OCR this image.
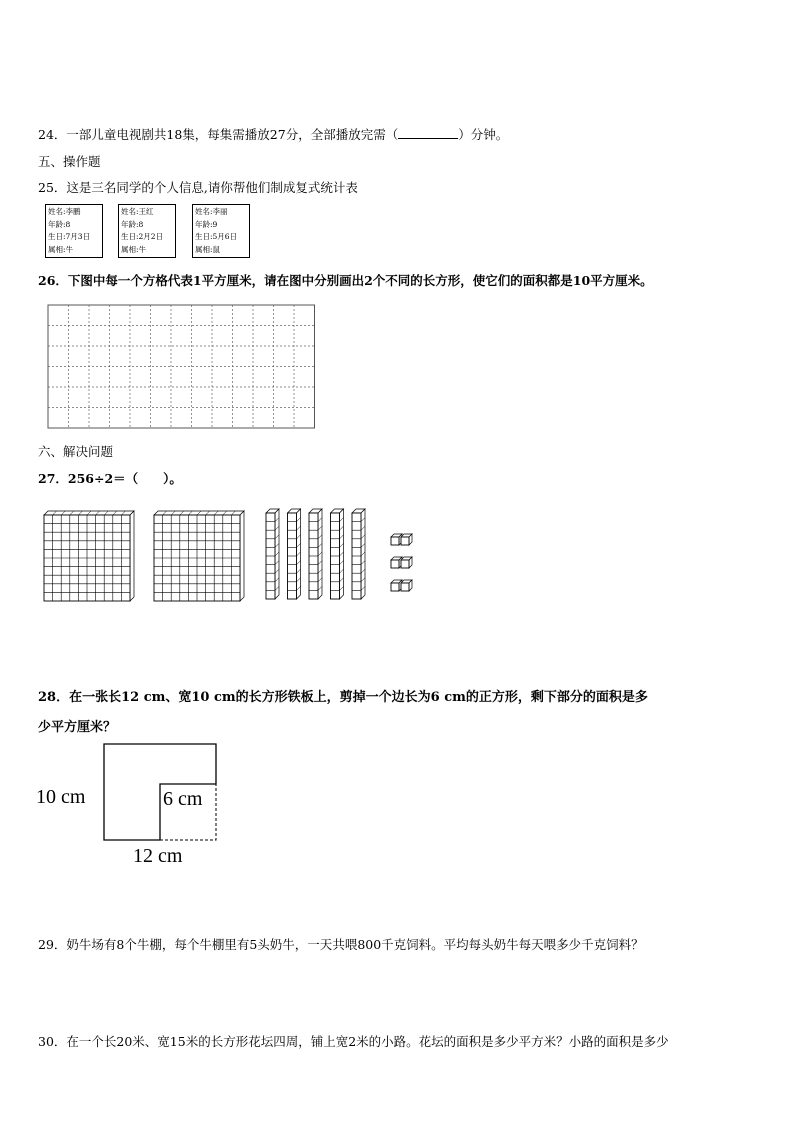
24．一部儿童电视剧共18集，每集需播放27分，全部播放完需（	）分钟。
五、操作题
25．这是三名同学的个人信息,请你帮他们制成复式统计表
姓名:李鹏
年龄:8
生日:7月3日
属相:牛
姓名:王红
年龄:8
生日:2月2日
属相:牛
姓名:李丽
年龄:9
生日:5月6日
属相:鼠
26．下图中每一个方格代表1平方厘米，请在图中分别画出2个不同的长方形，使它们的面积都是10平方厘米。
六、解决问题
27．256÷2＝（　　）。
28．在一张长12 cm、宽10 cm的长方形铁板上，剪掉一个边长为6 cm的正方形，剩下部分的面积是多
少平方厘米？
10 cm	6 cm
12 cm
29．奶牛场有8个牛棚，每个牛棚里有5头奶牛，一天共喂800千克饲料。平均每头奶牛每天喂多少千克饲料？
30．在一个长20米、宽15米的长方形花坛四周，铺上宽2米的小路。花坛的面积是多少平方米？小路的面积是多少
